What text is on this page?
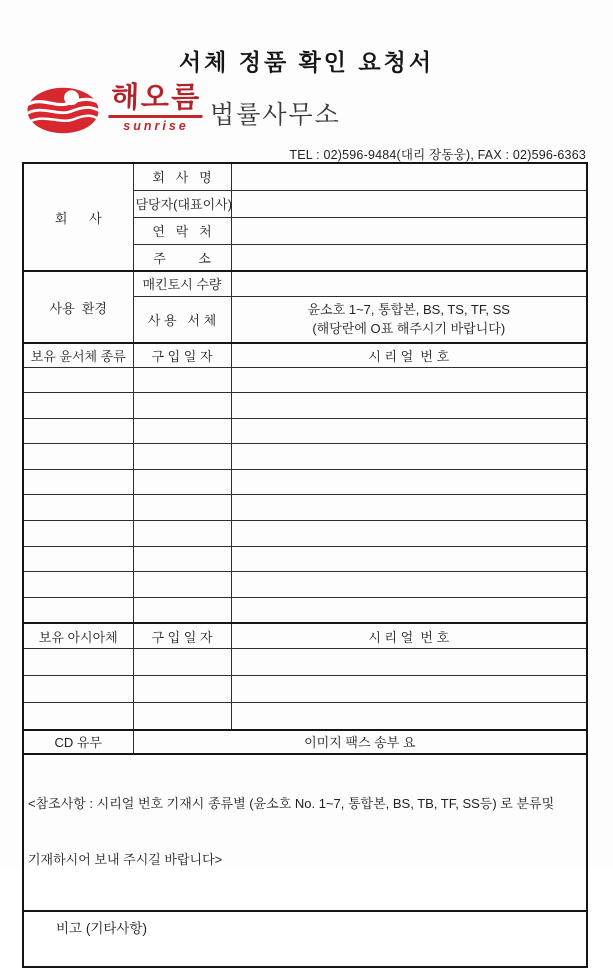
서체 정품 확인 요청서
해오름
sunrise 법률사무소
TEL : 02)596-9484(대리 장동웅), FAX : 02)596-6363
회      사	회   사   명	
	담당자(대표이사)	
	연   락   처	
	주         소	
사용  환경	매킨토시 수량	
	사 용   서 체	윤소호 1~7, 통합본, BS, TS, TF, SS
(해당란에 O표 해주시기 바랍니다)

보유 윤서체 종류	구 입 일 자	시 리 얼  번 호

보유 아시아체	구 입 일 자	시 리 얼  번 호

CD 유무	이미지 팩스 송부 요	

<참조사항 : 시리얼 번호 기재시 종류별 (윤소호 No. 1~7, 통합본, BS, TB, TF, SS등) 로 분류및

기재하시어 보내 주시길 바랍니다>		

비고 (기타사항)		
